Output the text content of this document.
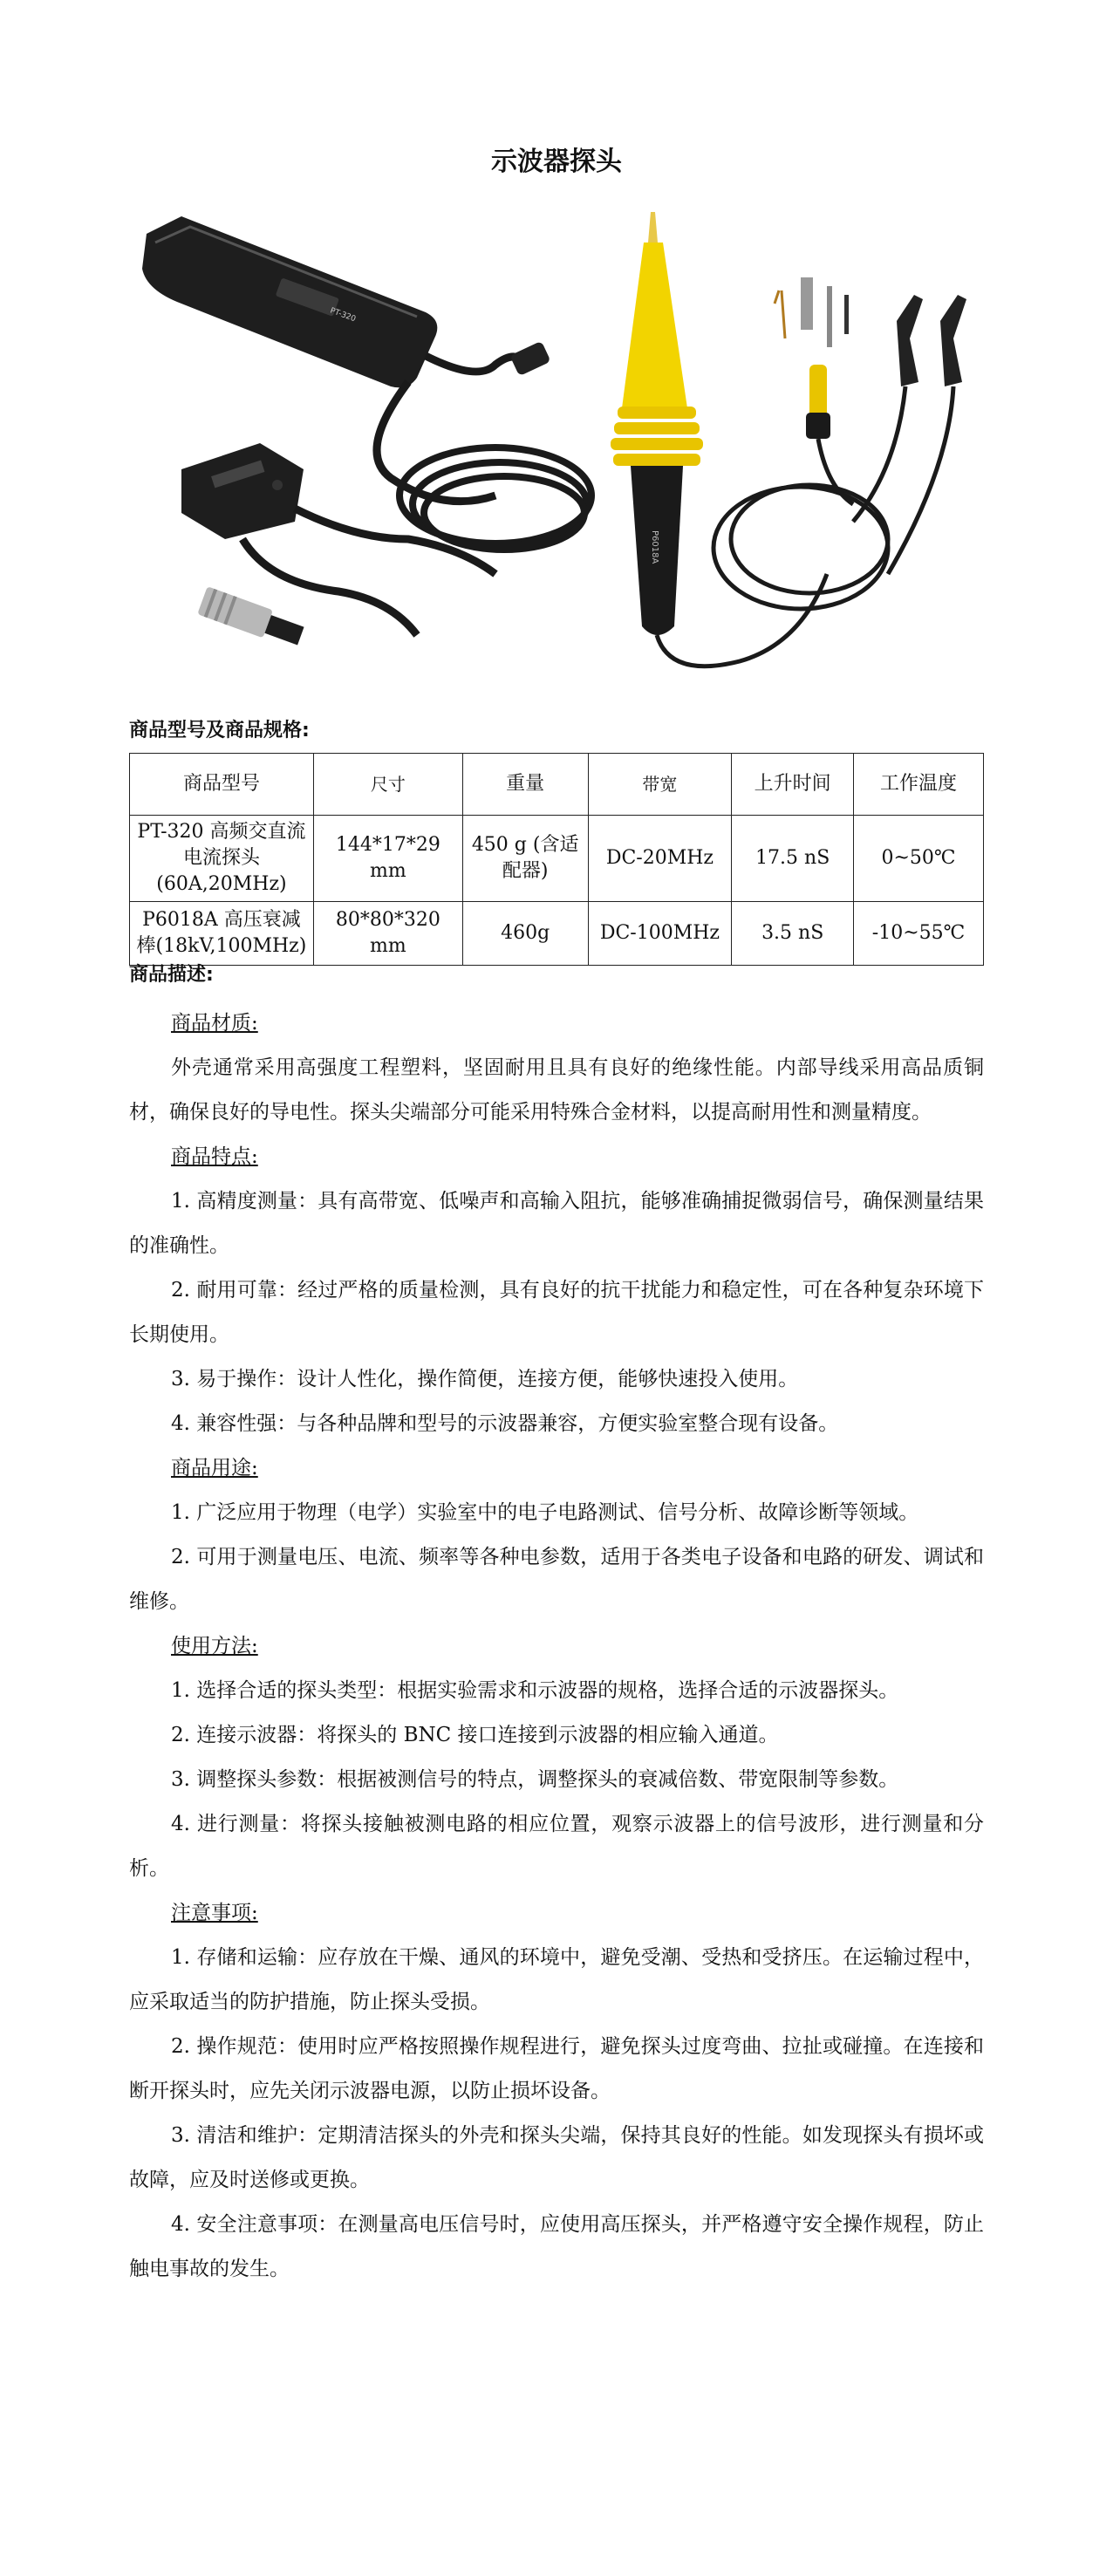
示波器探头
PT-320
P6018A
商品型号及商品规格:
商品型号	尺寸	重量	带宽	上升时间	工作温度
PT-320 高频交直流电流探头(60A,20MHz)	144*17*29 mm	450 g (含适配器)	DC-20MHz	17.5 nS	0~50℃
P6018A 高压衰减棒(18kV,100MHz)	80*80*320 mm	460g	DC-100MHz	3.5 nS	-10~55℃
商品描述:

商品材质:

外壳通常采用高强度工程塑料，坚固耐用且具有良好的绝缘性能。内部导线采用高品质铜材，确保良好的导电性。探头尖端部分可能采用特殊合金材料，以提高耐用性和测量精度。

商品特点:

1. 高精度测量：具有高带宽、低噪声和高输入阻抗，能够准确捕捉微弱信号，确保测量结果的准确性。

2. 耐用可靠：经过严格的质量检测，具有良好的抗干扰能力和稳定性，可在各种复杂环境下长期使用。

3. 易于操作：设计人性化，操作简便，连接方便，能够快速投入使用。

4. 兼容性强：与各种品牌和型号的示波器兼容，方便实验室整合现有设备。

商品用途:

1. 广泛应用于物理（电学）实验室中的电子电路测试、信号分析、故障诊断等领域。

2. 可用于测量电压、电流、频率等各种电参数，适用于各类电子设备和电路的研发、调试和维修。

使用方法:

1. 选择合适的探头类型：根据实验需求和示波器的规格，选择合适的示波器探头。

2. 连接示波器：将探头的 BNC 接口连接到示波器的相应输入通道。

3. 调整探头参数：根据被测信号的特点，调整探头的衰减倍数、带宽限制等参数。

4. 进行测量：将探头接触被测电路的相应位置，观察示波器上的信号波形，进行测量和分析。

注意事项:

1. 存储和运输：应存放在干燥、通风的环境中，避免受潮、受热和受挤压。在运输过程中，应采取适当的防护措施，防止探头受损。

2. 操作规范：使用时应严格按照操作规程进行，避免探头过度弯曲、拉扯或碰撞。在连接和断开探头时，应先关闭示波器电源，以防止损坏设备。

3. 清洁和维护：定期清洁探头的外壳和探头尖端，保持其良好的性能。如发现探头有损坏或故障，应及时送修或更换。

4. 安全注意事项：在测量高电压信号时，应使用高压探头，并严格遵守安全操作规程，防止触电事故的发生。
